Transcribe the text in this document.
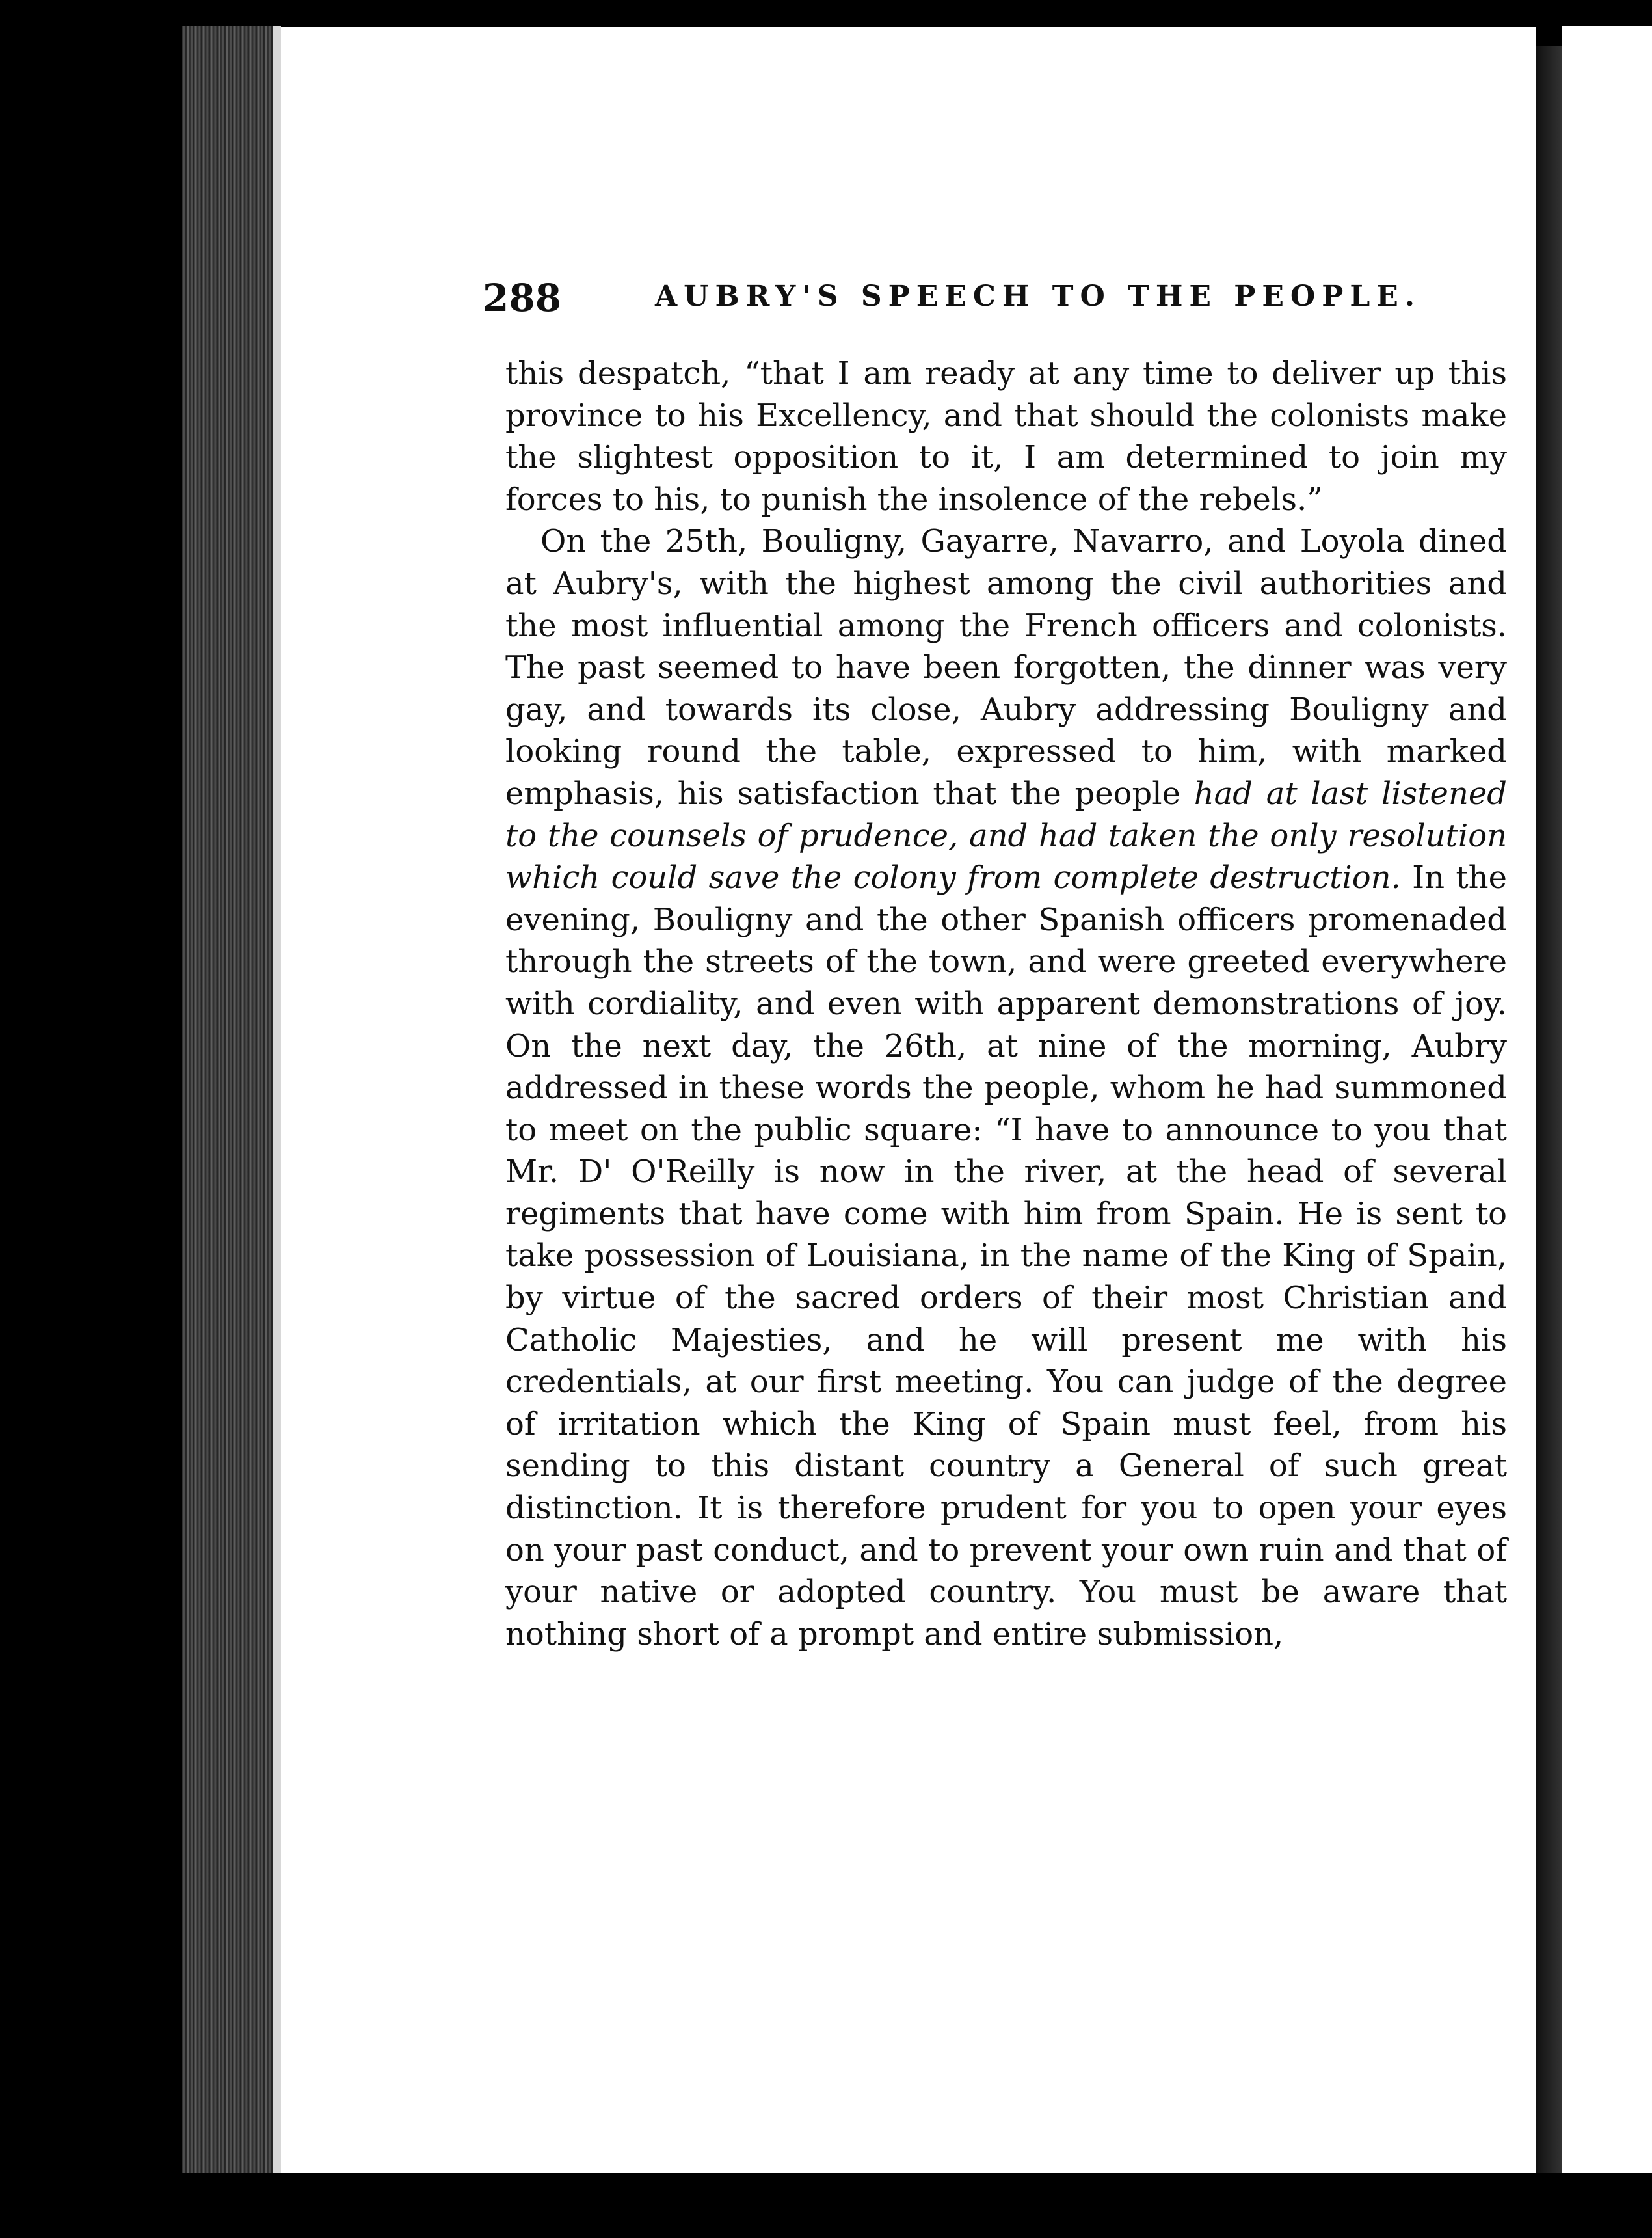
288	AUBRY'S SPEECH TO THE PEOPLE.

this despatch, “that I am ready at any time to deliver up this province to his Excellency, and that should the colonists make the slightest opposition to it, I am determined to join my forces to his, to punish the insolence of the rebels.”

On the 25th, Bouligny, Gayarre, Navarro, and Loyola dined at Aubry's, with the highest among the civil authorities and the most influential among the French officers and colonists. The past seemed to have been forgotten, the dinner was very gay, and towards its close, Aubry addressing Bouligny and looking round the table, expressed to him, with marked emphasis, his satisfaction that the people had at last listened to the counsels of prudence, and had taken the only resolution which could save the colony from complete destruction. In the evening, Bouligny and the other Spanish officers promenaded through the streets of the town, and were greeted everywhere with cordiality, and even with apparent demonstrations of joy. On the next day, the 26th, at nine of the morning, Aubry addressed in these words the people, whom he had summoned to meet on the public square: “I have to announce to you that Mr. D' O'Reilly is now in the river, at the head of several regiments that have come with him from Spain. He is sent to take possession of Louisiana, in the name of the King of Spain, by virtue of the sacred orders of their most Christian and Catholic Majesties, and he will present me with his credentials, at our first meeting. You can judge of the degree of irritation which the King of Spain must feel, from his sending to this distant country a General of such great distinction. It is therefore prudent for you to open your eyes on your past conduct, and to prevent your own ruin and that of your native or adopted country. You must be aware that nothing short of a prompt and entire submission,
